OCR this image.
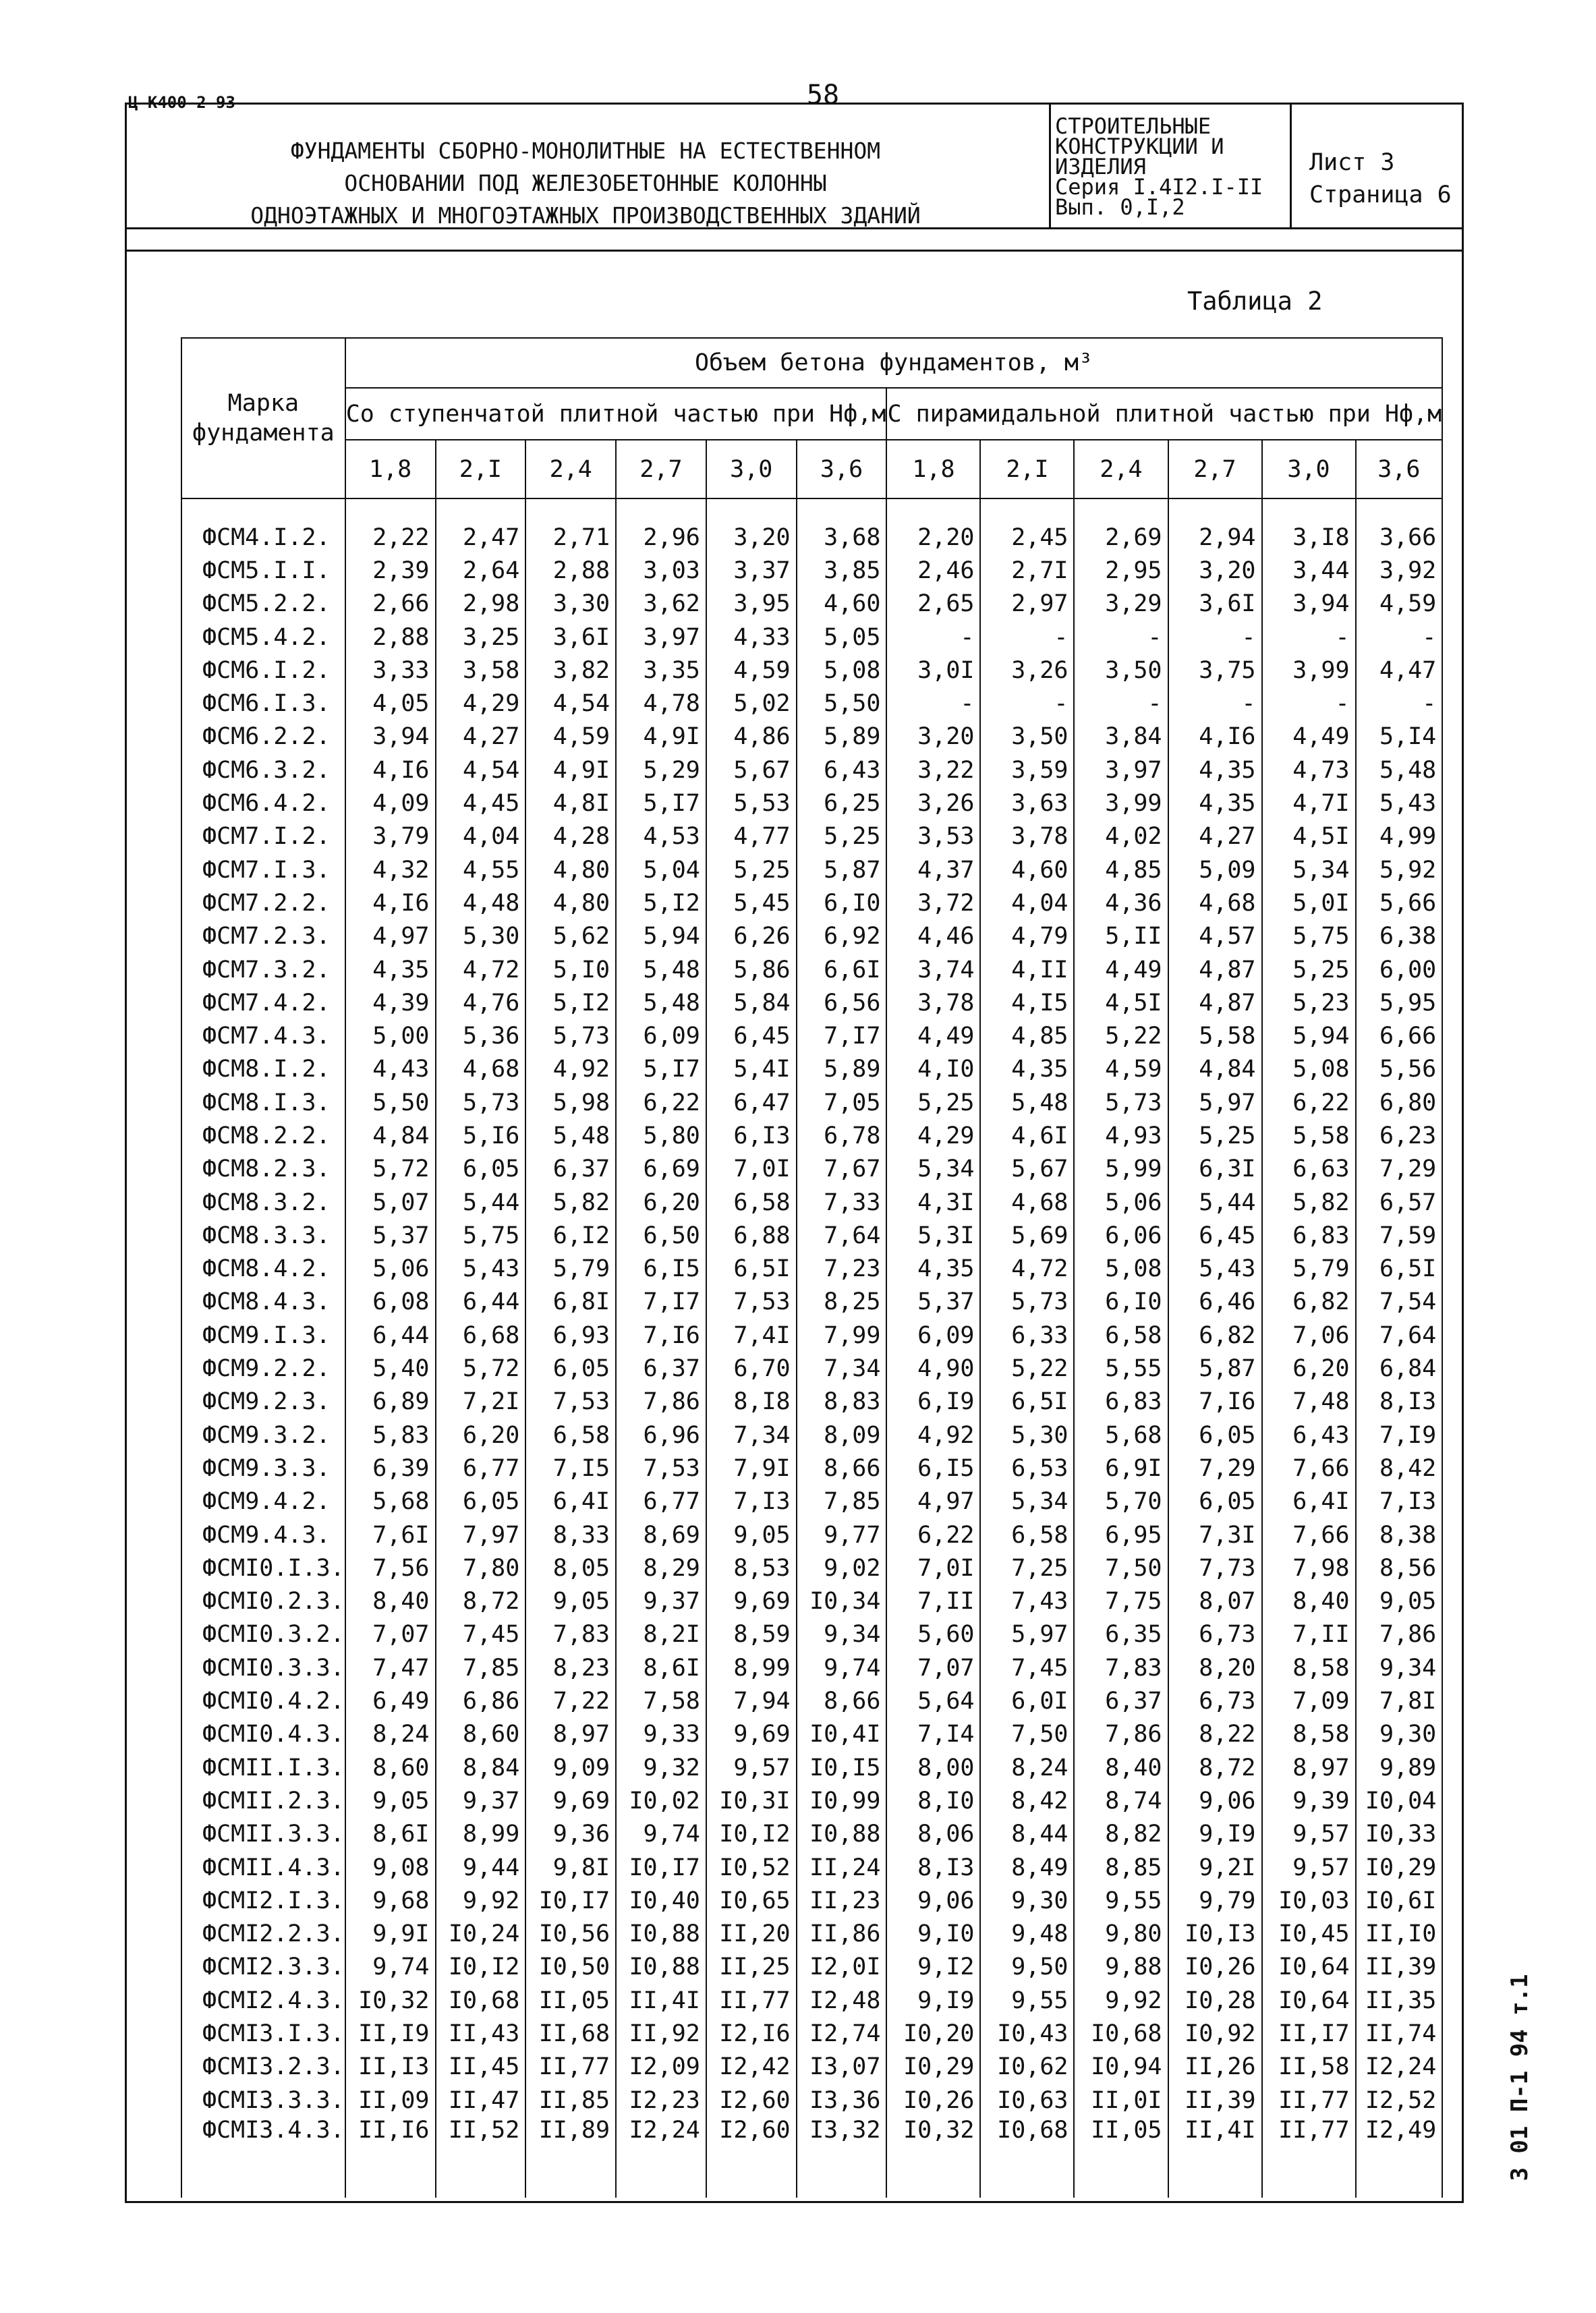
Ц К400—2—93	58
ФУНДАМЕНТЫ СБОРНО-МОНОЛИТНЫЕ НА ЕСТЕСТВЕННОМ
ОСНОВАНИИ ПОД ЖЕЛЕЗОБЕТОННЫЕ КОЛОННЫ
ОДНОЭТАЖНЫХ И МНОГОЭТАЖНЫХ ПРОИЗВОДСТВЕННЫХ ЗДАНИЙ
СТРОИТЕЛЬНЫЕ
КОНСТРУКЦИИ И
ИЗДЕЛИЯ
Серия I.4I2.I-II
Вып. 0,I,2
Лист 3
Страница 6
Таблица 2
Марка фундамента	Объем бетона фундаментов, м³											
	Со ступенчатой плитной частью при Нф,м						С пирамидальной плитной частью при Нф,м					
	1,8	2,I	2,4	2,7	3,0	3,6	1,8	2,I	2,4	2,7	3,0	3,6
ФСМ4.I.2.	2,22	2,47	2,71	2,96	3,20	3,68	2,20	2,45	2,69	2,94	3,I8	3,66
ФСМ5.I.I.	2,39	2,64	2,88	3,03	3,37	3,85	2,46	2,7I	2,95	3,20	3,44	3,92
ФСМ5.2.2.	2,66	2,98	3,30	3,62	3,95	4,60	2,65	2,97	3,29	3,6I	3,94	4,59
ФСМ5.4.2.	2,88	3,25	3,6I	3,97	4,33	5,05	-	-	-	-	-	-
ФСМ6.I.2.	3,33	3,58	3,82	3,35	4,59	5,08	3,0I	3,26	3,50	3,75	3,99	4,47
ФСМ6.I.3.	4,05	4,29	4,54	4,78	5,02	5,50	-	-	-	-	-	-
ФСМ6.2.2.	3,94	4,27	4,59	4,9I	4,86	5,89	3,20	3,50	3,84	4,I6	4,49	5,I4
ФСМ6.3.2.	4,I6	4,54	4,9I	5,29	5,67	6,43	3,22	3,59	3,97	4,35	4,73	5,48
ФСМ6.4.2.	4,09	4,45	4,8I	5,I7	5,53	6,25	3,26	3,63	3,99	4,35	4,7I	5,43
ФСМ7.I.2.	3,79	4,04	4,28	4,53	4,77	5,25	3,53	3,78	4,02	4,27	4,5I	4,99
ФСМ7.I.3.	4,32	4,55	4,80	5,04	5,25	5,87	4,37	4,60	4,85	5,09	5,34	5,92
ФСМ7.2.2.	4,I6	4,48	4,80	5,I2	5,45	6,I0	3,72	4,04	4,36	4,68	5,0I	5,66
ФСМ7.2.3.	4,97	5,30	5,62	5,94	6,26	6,92	4,46	4,79	5,II	4,57	5,75	6,38
ФСМ7.3.2.	4,35	4,72	5,I0	5,48	5,86	6,6I	3,74	4,II	4,49	4,87	5,25	6,00
ФСМ7.4.2.	4,39	4,76	5,I2	5,48	5,84	6,56	3,78	4,I5	4,5I	4,87	5,23	5,95
ФСМ7.4.3.	5,00	5,36	5,73	6,09	6,45	7,I7	4,49	4,85	5,22	5,58	5,94	6,66
ФСМ8.I.2.	4,43	4,68	4,92	5,I7	5,4I	5,89	4,I0	4,35	4,59	4,84	5,08	5,56
ФСМ8.I.3.	5,50	5,73	5,98	6,22	6,47	7,05	5,25	5,48	5,73	5,97	6,22	6,80
ФСМ8.2.2.	4,84	5,I6	5,48	5,80	6,I3	6,78	4,29	4,6I	4,93	5,25	5,58	6,23
ФСМ8.2.3.	5,72	6,05	6,37	6,69	7,0I	7,67	5,34	5,67	5,99	6,3I	6,63	7,29
ФСМ8.3.2.	5,07	5,44	5,82	6,20	6,58	7,33	4,3I	4,68	5,06	5,44	5,82	6,57
ФСМ8.3.3.	5,37	5,75	6,I2	6,50	6,88	7,64	5,3I	5,69	6,06	6,45	6,83	7,59
ФСМ8.4.2.	5,06	5,43	5,79	6,I5	6,5I	7,23	4,35	4,72	5,08	5,43	5,79	6,5I
ФСМ8.4.3.	6,08	6,44	6,8I	7,I7	7,53	8,25	5,37	5,73	6,I0	6,46	6,82	7,54
ФСМ9.I.3.	6,44	6,68	6,93	7,I6	7,4I	7,99	6,09	6,33	6,58	6,82	7,06	7,64
ФСМ9.2.2.	5,40	5,72	6,05	6,37	6,70	7,34	4,90	5,22	5,55	5,87	6,20	6,84
ФСМ9.2.3.	6,89	7,2I	7,53	7,86	8,I8	8,83	6,I9	6,5I	6,83	7,I6	7,48	8,I3
ФСМ9.3.2.	5,83	6,20	6,58	6,96	7,34	8,09	4,92	5,30	5,68	6,05	6,43	7,I9
ФСМ9.3.3.	6,39	6,77	7,I5	7,53	7,9I	8,66	6,I5	6,53	6,9I	7,29	7,66	8,42
ФСМ9.4.2.	5,68	6,05	6,4I	6,77	7,I3	7,85	4,97	5,34	5,70	6,05	6,4I	7,I3
ФСМ9.4.3.	7,6I	7,97	8,33	8,69	9,05	9,77	6,22	6,58	6,95	7,3I	7,66	8,38
ФСМI0.I.3.	7,56	7,80	8,05	8,29	8,53	9,02	7,0I	7,25	7,50	7,73	7,98	8,56
ФСМI0.2.3.	8,40	8,72	9,05	9,37	9,69	I0,34	7,II	7,43	7,75	8,07	8,40	9,05
ФСМI0.3.2.	7,07	7,45	7,83	8,2I	8,59	9,34	5,60	5,97	6,35	6,73	7,II	7,86
ФСМI0.3.3.	7,47	7,85	8,23	8,6I	8,99	9,74	7,07	7,45	7,83	8,20	8,58	9,34
ФСМI0.4.2.	6,49	6,86	7,22	7,58	7,94	8,66	5,64	6,0I	6,37	6,73	7,09	7,8I
ФСМI0.4.3.	8,24	8,60	8,97	9,33	9,69	I0,4I	7,I4	7,50	7,86	8,22	8,58	9,30
ФСМII.I.3.	8,60	8,84	9,09	9,32	9,57	I0,I5	8,00	8,24	8,40	8,72	8,97	9,89
ФСМII.2.3.	9,05	9,37	9,69	I0,02	I0,3I	I0,99	8,I0	8,42	8,74	9,06	9,39	I0,04
ФСМII.3.3.	8,6I	8,99	9,36	9,74	I0,I2	I0,88	8,06	8,44	8,82	9,I9	9,57	I0,33
ФСМII.4.3.	9,08	9,44	9,8I	I0,I7	I0,52	II,24	8,I3	8,49	8,85	9,2I	9,57	I0,29
ФСМI2.I.3.	9,68	9,92	I0,I7	I0,40	I0,65	II,23	9,06	9,30	9,55	9,79	I0,03	I0,6I
ФСМI2.2.3.	9,9I	I0,24	I0,56	I0,88	II,20	II,86	9,I0	9,48	9,80	I0,I3	I0,45	II,I0
ФСМI2.3.3.	9,74	I0,I2	I0,50	I0,88	II,25	I2,0I	9,I2	9,50	9,88	I0,26	I0,64	II,39
ФСМI2.4.3.	I0,32	I0,68	II,05	II,4I	II,77	I2,48	9,I9	9,55	9,92	I0,28	I0,64	II,35
ФСМI3.I.3.	II,I9	II,43	II,68	II,92	I2,I6	I2,74	I0,20	I0,43	I0,68	I0,92	II,I7	II,74
ФСМI3.2.3.	II,I3	II,45	II,77	I2,09	I2,42	I3,07	I0,29	I0,62	I0,94	II,26	II,58	I2,24
ФСМI3.3.3.	II,09	II,47	II,85	I2,23	I2,60	I3,36	I0,26	I0,63	II,0I	II,39	II,77	I2,52
ФСМI3.4.3.	II,I6	II,52	II,89	I2,24	I2,60	I3,32	I0,32	I0,68	II,05	II,4I	II,77	I2,49	3 01 П-1 94 т.1
